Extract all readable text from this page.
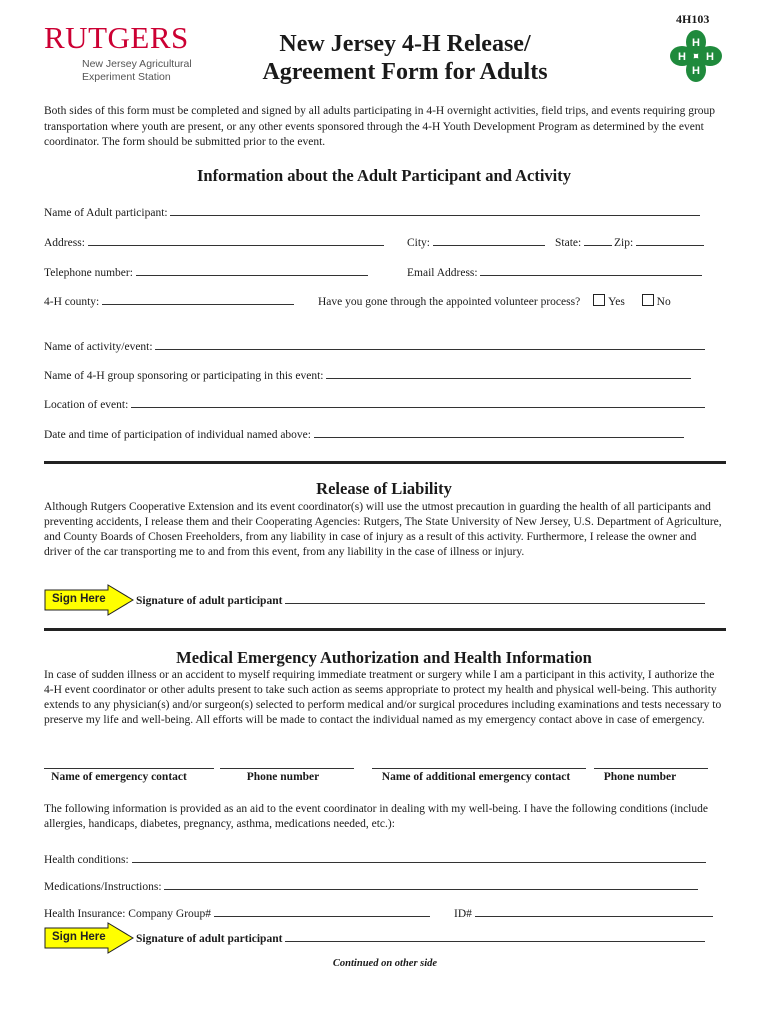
RUTGERS
New Jersey Agricultural
Experiment Station
New Jersey 4-H Release/
Agreement Form for Adults
4H103
H
H
H H
Both sides of this form must be completed and signed by all adults participating in 4-H overnight activities, field trips, and events requiring group transportation where youth are present, or any other events sponsored through the 4-H Youth Development Program as determined by the event coordinator. The form should be submitted prior to the event.
Information about the Adult Participant and Activity
Name of Adult participant:
Address:	City:	State:	Zip:
Telephone number:	Email Address:
4-H county:	Have you gone through the appointed volunteer process? Yes	No
Name of activity/event:
Name of 4-H group sponsoring or participating in this event:
Location of event:
Date and time of participation of individual named above:
Release of Liability
Although Rutgers Cooperative Extension and its event coordinator(s) will use the utmost precaution in guarding the health of all participants and preventing accidents, I release them and their Cooperating Agencies: Rutgers, The State University of New Jersey, U.S. Department of Agriculture, and County Boards of Chosen Freeholders, from any liability in case of injury as a result of this activity. Furthermore, I release the owner and driver of the car transporting me to and from this event, from any liability in the case of illness or injury.
Sign Here	Signature of adult participant
Medical Emergency Authorization and Health Information
In case of sudden illness or an accident to myself requiring immediate treatment or surgery while I am a participant in this activity, I authorize the 4-H event coordinator or other adults present to take such action as seems appropriate to protect my health and physical well-being. This authority extends to any physician(s) and/or surgeon(s) selected to perform medical and/or surgical procedures including examinations and tests necessary to preserve my life and well-being. All efforts will be made to contact the individual named as my emergency contact above in case of emergency.
Name of emergency contact	Phone number	Name of additional emergency contact	Phone number
The following information is provided as an aid to the event coordinator in dealing with my well-being. I have the following conditions (include allergies, handicaps, diabetes, pregnancy, asthma, medications needed, etc.):
Health conditions:
Medications/Instructions:
Health Insurance: Company Group#	ID#
Sign Here	Signature of adult participant
Continued on other side
